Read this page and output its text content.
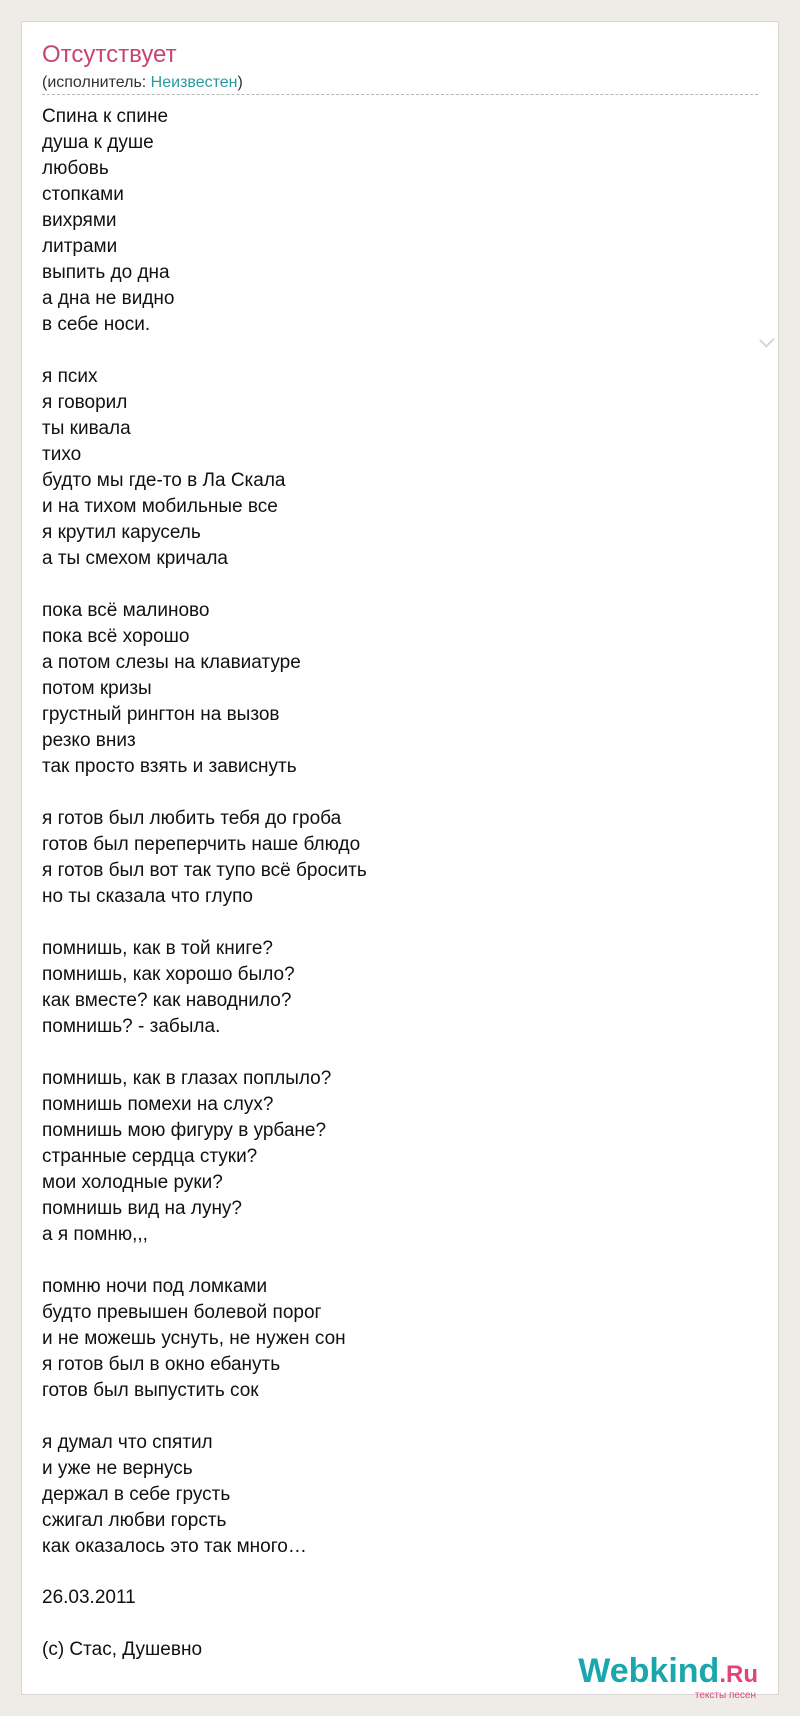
Отсутствует
(исполнитель: Неизвестен)
Спина к спине
душа к душе
любовь
стопками
вихрями
литрами
выпить до дна
а дна не видно
в себе носи.
я псих
я говорил
ты кивала
тихо
будто мы где-то в Ла Скала
и на тихом мобильные все
я крутил карусель
а ты смехом кричала
пока всё малиново
пока всё хорошо
а потом слезы на клавиатуре
потом кризы
грустный рингтон на вызов
резко вниз
так просто взять и зависнуть
я готов был любить тебя до гроба
готов был переперчить наше блюдо
я готов был вот так тупо всё бросить
но ты сказала что глупо
помнишь, как в той книге?
помнишь, как хорошо было?
как вместе? как наводнило?
помнишь? - забыла.
помнишь, как в глазах поплыло?
помнишь помехи на слух?
помнишь мою фигуру в урбане?
странные сердца стуки?
мои холодные руки?
помнишь вид на луну?
а я помню,,,
помню ночи под ломками
будто превышен болевой порог
и не можешь уснуть, не нужен сон
я готов был в окно ебануть
готов был выпустить сок
я думал что спятил
и уже не вернусь
держал в себе грусть
сжигал любви горсть
как оказалось это так много…
26.03.2011
(с) Стас, Душевно
Webkind.Ru
тексты песен
